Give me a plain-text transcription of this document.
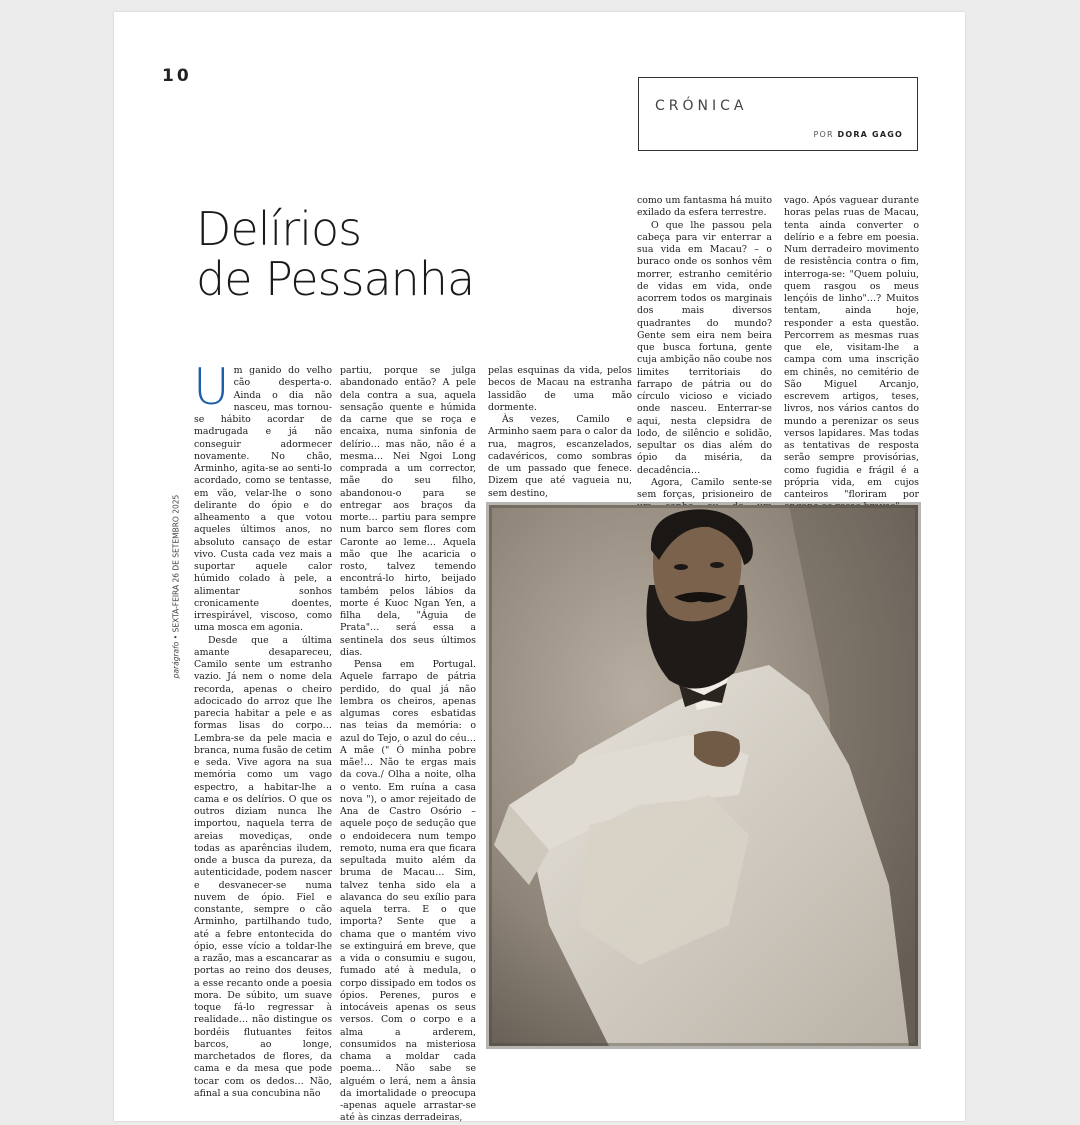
10
CRÓNICA
POR DORA GAGO
Delírios
de Pessanha
parágrafo • SEXTA-FEIRA 26 DE SETEMBRO 2025

Um ganido do velho cão desperta-o. Ainda o dia não nasceu, mas tornou-se hábito acordar de madrugada e já não conseguir adormecer novamente. No chão, Arminho, agita-se ao senti-lo acordado, como se tentasse, em vão, velar-lhe o sono delirante do ópio e do alheamento a que votou aqueles últimos anos, no absoluto cansaço de estar vivo. Custa cada vez mais a suportar aquele calor húmido colado à pele, a alimentar sonhos cronicamente doentes, irrespirável, viscoso, como uma mosca em agonia.

Desde que a última amante desapareceu, Camilo sente um estranho vazio. Já nem o nome dela recorda, apenas o cheiro adocicado do arroz que lhe parecia habitar a pele e as formas lisas do corpo… Lembra-se da pele macia e branca, numa fusão de cetim e seda. Vive agora na sua memória como um vago espectro, a habitar-lhe a cama e os delírios. O que os outros diziam nunca lhe importou, naquela terra de areias movediças, onde todas as aparências iludem, onde a busca da pureza, da autenticidade, podem nascer e desvanecer-se numa nuvem de ópio. Fiel e constante, sempre o cão Arminho, partilhando tudo, até a febre entontecida do ópio, esse vício a toldar-lhe a razão, mas a escancarar as portas ao reino dos deuses, a esse recanto onde a poesia mora. De súbito, um suave toque fá-lo regressar à realidade… não distingue os bordéis flutuantes feitos barcos, ao longe, marchetados de flores, da cama e da mesa que pode tocar com os dedos… Não, afinal a sua concubina não

partiu, porque se julga abandonado então? A pele dela contra a sua, aquela sensação quente e húmida da carne que se roça e encaixa, numa sinfonia de delírio… mas não, não é a mesma… Nei Ngoi Long comprada a um corrector, mãe do seu filho, abandonou-o para se entregar aos braços da morte… partiu para sempre num barco sem flores com Caronte ao leme… Aquela mão que lhe acaricia o rosto, talvez temendo encontrá-lo hirto, beijado também pelos lábios da morte é Kuoc Ngan Yen, a filha dela, "Águia de Prata"… será essa a sentinela dos seus últimos dias.

Pensa em Portugal. Aquele farrapo de pátria perdido, do qual já não lembra os cheiros, apenas algumas cores esbatidas nas teias da memória: o azul do Tejo, o azul do céu…A mãe (" Ó minha pobre mãe!… Não te ergas mais da cova./ Olha a noite, olha o vento. Em ruína a casa nova "), o amor rejeitado de Ana de Castro Osório – aquele poço de sedução que o endoidecera num tempo remoto, numa era que ficara sepultada muito além da bruma de Macau… Sim, talvez tenha sido ela a alavanca do seu exílio para aquela terra. E o que importa? Sente que a chama que o mantém vivo se extinguirá em breve, que a vida o consumiu e sugou, fumado até à medula, o corpo dissipado em todos os ópios. Perenes, puros e intocáveis apenas os seus versos. Com o corpo e a alma a arderem, consumidos na misteriosa chama a moldar cada poema… Não sabe se alguém o lerá, nem a ânsia da imortalidade o preocupa -apenas aquele arrastar-se até às cinzas derradeiras,

pelas esquinas da vida, pelos becos de Macau na estranha lassidão de uma mão dormente.

Às vezes, Camilo e Arminho saem para o calor da rua, magros, escanzelados, cadavéricos, como sombras de um passado que fenece. Dizem que até vagueia nu, sem destino,

como um fantasma há muito exilado da esfera terrestre.

O que lhe passou pela cabeça para vir enterrar a sua vida em Macau? – o buraco onde os sonhos vêm morrer, estranho cemitério de vidas em vida, onde acorrem todos os marginais dos mais diversos quadrantes do mundo? Gente sem eira nem beira que busca fortuna, gente cuja ambição não coube nos limites territoriais do farrapo de pátria ou do círculo vicioso e viciado onde nasceu. Enterrar-se aqui, nesta clepsidra de lodo, de silêncio e solidão, sepultar os dias além do ópio da miséria, da decadência…

Agora, Camilo sente-se sem forças, prisioneiro de

vago. Após vaguear durante horas pelas ruas de Macau, tenta ainda converter o delírio e a febre em poesia. Num derradeiro movimento de resistência contra o fim, interroga-se: "Quem poluiu, quem rasgou os meus lençóis de linho"…? Muitos tentam, ainda hoje, responder a esta questão. Percorrem as mesmas ruas que ele, visitam-lhe a campa com uma inscrição em chinês, no cemitério de São Miguel Arcanjo, escrevem artigos, teses, livros, nos vários cantos do mundo a perenizar os seus versos lapidares. Mas todas as tentativas de resposta serão sempre provisórias, como fugidia e frágil é a própria vida, em cujos canteiros "floriram por
